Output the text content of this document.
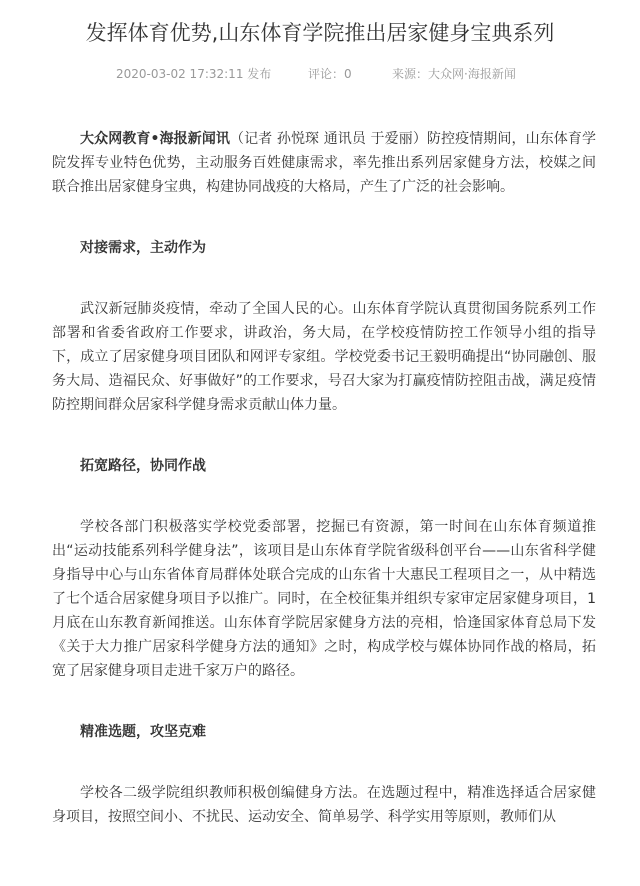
发挥体育优势,山东体育学院推出居家健身宝典系列
2020-03-02 17:32:11 发布	评论：0	来源：大众网·海报新闻

大众网教育•海报新闻讯（记者 孙悦琛 通讯员 于爱丽）防控疫情期间，山东体育学院发挥专业特色优势，主动服务百姓健康需求，率先推出系列居家健身方法，校媒之间联合推出居家健身宝典，构建协同战疫的大格局，产生了广泛的社会影响。

对接需求，主动作为

武汉新冠肺炎疫情，牵动了全国人民的心。山东体育学院认真贯彻国务院系列工作部署和省委省政府工作要求，讲政治，务大局，在学校疫情防控工作领导小组的指导下，成立了居家健身项目团队和网评专家组。学校党委书记王毅明确提出“协同融创、服务大局、造福民众、好事做好”的工作要求，号召大家为打赢疫情防控阻击战，满足疫情防控期间群众居家科学健身需求贡献山体力量。

拓宽路径，协同作战

学校各部门积极落实学校党委部署，挖掘已有资源，第一时间在山东体育频道推出“运动技能系列科学健身法”，该项目是山东体育学院省级科创平台——山东省科学健身指导中心与山东省体育局群体处联合完成的山东省十大惠民工程项目之一，从中精选了七个适合居家健身项目予以推广。同时，在全校征集并组织专家审定居家健身项目，1月底在山东教育新闻推送。山东体育学院居家健身方法的亮相，恰逢国家体育总局下发《关于大力推广居家科学健身方法的通知》之时，构成学校与媒体协同作战的格局，拓宽了居家健身项目走进千家万户的路径。

精准选题，攻坚克难

学校各二级学院组织教师积极创编健身方法。在选题过程中，精准选择适合居家健身项目，按照空间小、不扰民、运动安全、简单易学、科学实用等原则，教师们从
